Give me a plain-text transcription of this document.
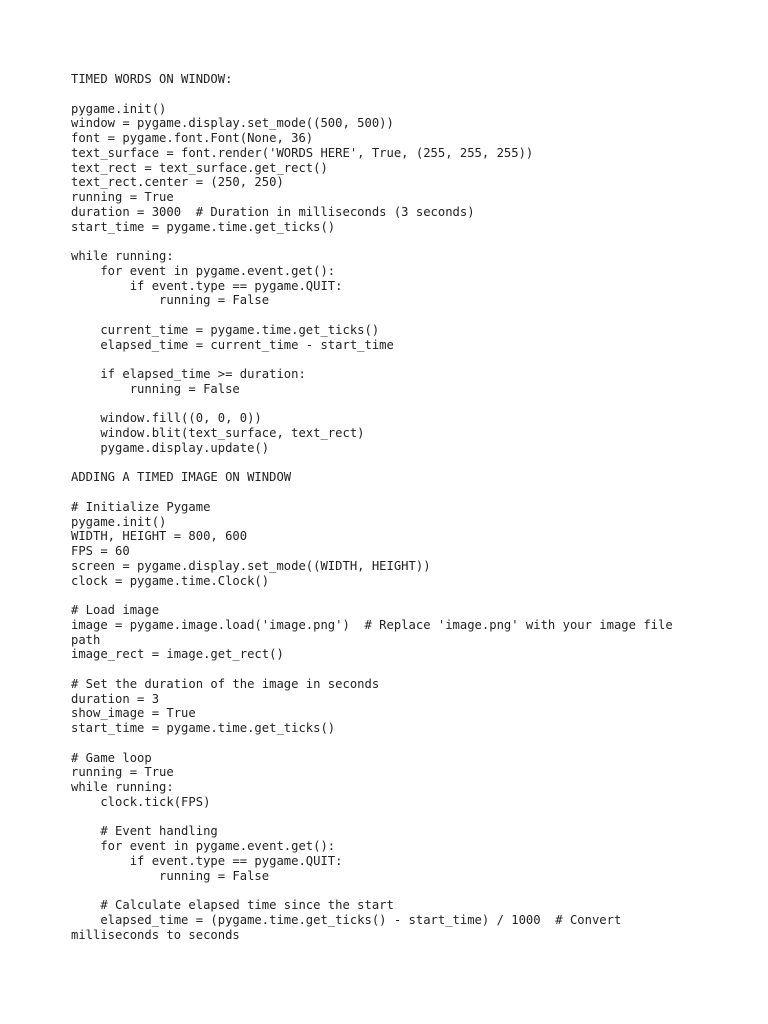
TIMED WORDS ON WINDOW:
pygame.init()
window = pygame.display.set_mode((500, 500))
font = pygame.font.Font(None, 36)
text_surface = font.render('WORDS HERE', True, (255, 255, 255))
text_rect = text_surface.get_rect()
text_rect.center = (250, 250)
running = True
duration = 3000  # Duration in milliseconds (3 seconds)
start_time = pygame.time.get_ticks()
while running:
for event in pygame.event.get():
if event.type == pygame.QUIT:
running = False
current_time = pygame.time.get_ticks()
elapsed_time = current_time - start_time
if elapsed_time >= duration:
running = False
window.fill((0, 0, 0))
window.blit(text_surface, text_rect)
pygame.display.update()
ADDING A TIMED IMAGE ON WINDOW
# Initialize Pygame
pygame.init()
WIDTH, HEIGHT = 800, 600
FPS = 60
screen = pygame.display.set_mode((WIDTH, HEIGHT))
clock = pygame.time.Clock()
# Load image
image = pygame.image.load('image.png')  # Replace 'image.png' with your image file
path
image_rect = image.get_rect()
# Set the duration of the image in seconds
duration = 3
show_image = True
start_time = pygame.time.get_ticks()
# Game loop
running = True
while running:
clock.tick(FPS)
# Event handling
for event in pygame.event.get():
if event.type == pygame.QUIT:
running = False
# Calculate elapsed time since the start
elapsed_time = (pygame.time.get_ticks() - start_time) / 1000  # Convert
milliseconds to seconds
